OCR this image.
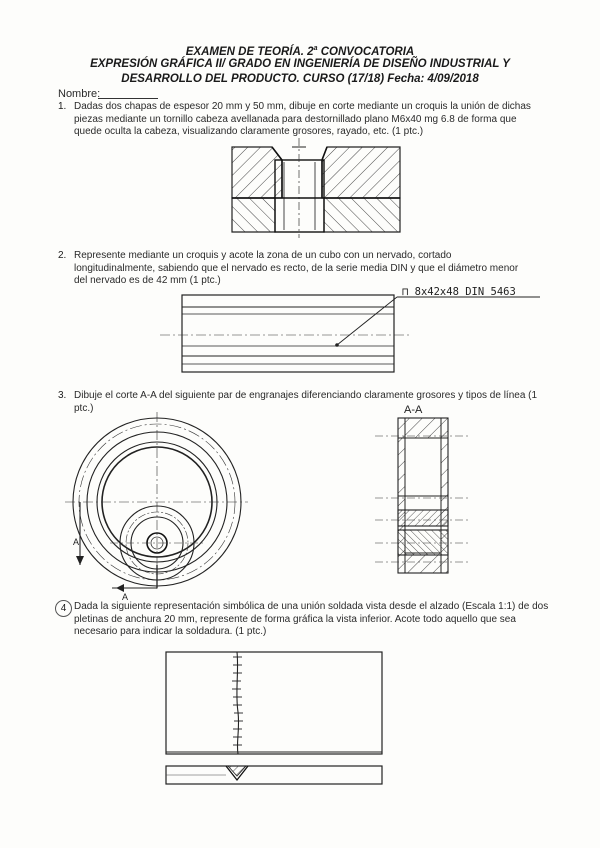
EXAMEN DE TEORÍA. 2$^a$ CONVOCATORIA
EXPRESIÓN GRÁFICA II/ GRADO EN INGENIERÍA DE DISEÑO INDUSTRIAL Y
DESARROLLO DEL PRODUCTO. CURSO (17/18) Fecha: 4/09/2018
Nombre:
1. Dadas dos chapas de espesor 20 mm y 50 mm, dibuje en corte mediante un croquis la unión de dichas piezas mediante un tornillo cabeza avellanada para destornillado plano M6x40 mg 6.8 de forma que quede oculta la cabeza, visualizando claramente grosores, rayado, etc. (1 ptc.)
2. Represente mediante un croquis y acote la zona de un cubo con un nervado, cortado longitudinalmente, sabiendo que el nervado es recto, de la serie media DIN y que el diámetro menor del nervado es de 42 mm (1 ptc.)
3. Dibuje el corte A-A del siguiente par de engranajes diferenciando claramente grosores y tipos de línea (1 ptc.)
4 Dada la siguiente representación simbólica de una unión soldada vista desde el alzado (Escala 1:1) de dos pletinas de anchura 20 mm, represente de forma gráfica la vista inferior. Acote todo aquello que sea necesario para indicar la soldadura. (1 ptc.)
⊓ 8x42x48 DIN 5463
A
A
A-A
